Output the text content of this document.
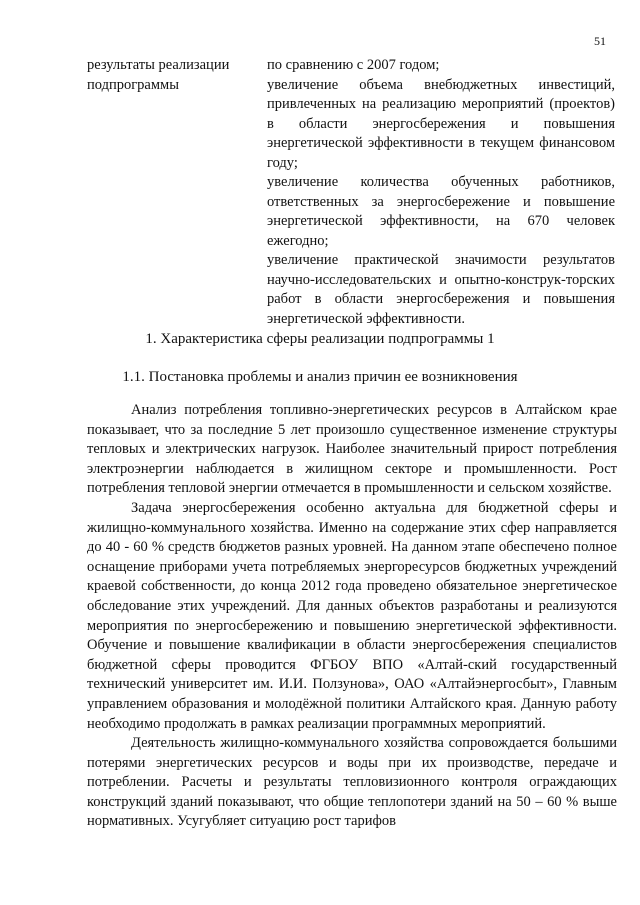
51
результаты реализации подпрограммы

по сравнению с 2007 годом;

увеличение объема внебюджетных инвестиций, привлеченных на реализацию мероприятий (проектов) в области энергосбережения и повышения энергетической эффективности в текущем финансовом году;

увеличение количества обученных работников, ответственных за энергосбережение и повышение энергетической эффективности, на 670 человек ежегодно;

увеличение практической значимости результатов научно-исследовательских и опытно-конструк-торских работ в области энергосбережения и повышения энергетической эффективности.

1. Характеристика сферы реализации подпрограммы 1
1.1. Постановка проблемы и анализ причин ее возникновения

Анализ потребления топливно-энергетических ресурсов в Алтайском крае показывает, что за последние 5 лет произошло существенное изменение структуры тепловых и электрических нагрузок. Наиболее значительный прирост потребления электроэнергии наблюдается в жилищном секторе и промышленности. Рост потребления тепловой энергии отмечается в промышленности и сельском хозяйстве.

Задача энергосбережения особенно актуальна для бюджетной сферы и жилищно-коммунального хозяйства. Именно на содержание этих сфер направляется до 40 - 60 % средств бюджетов разных уровней. На данном этапе обеспечено полное оснащение приборами учета потребляемых энергоресурсов бюджетных учреждений краевой собственности, до конца 2012 года проведено обязательное энергетическое обследование этих учреждений. Для данных объектов разработаны и реализуются мероприятия по энергосбережению и повышению энергетической эффективности. Обучение и повышение квалификации в области энергосбережения специалистов бюджетной сферы проводится ФГБОУ ВПО «Алтай-ский государственный технический университет им. И.И. Ползунова», ОАО «Алтайэнергосбыт», Главным управлением образования и молодёжной политики Алтайского края. Данную работу необходимо продолжать в рамках реализации программных мероприятий.

Деятельность жилищно-коммунального хозяйства сопровождается большими потерями энергетических ресурсов и воды при их производстве, передаче и потреблении. Расчеты и результаты тепловизионного контроля ограждающих конструкций зданий показывают, что общие теплопотери зданий на 50 – 60 % выше нормативных. Усугубляет ситуацию рост тарифов
